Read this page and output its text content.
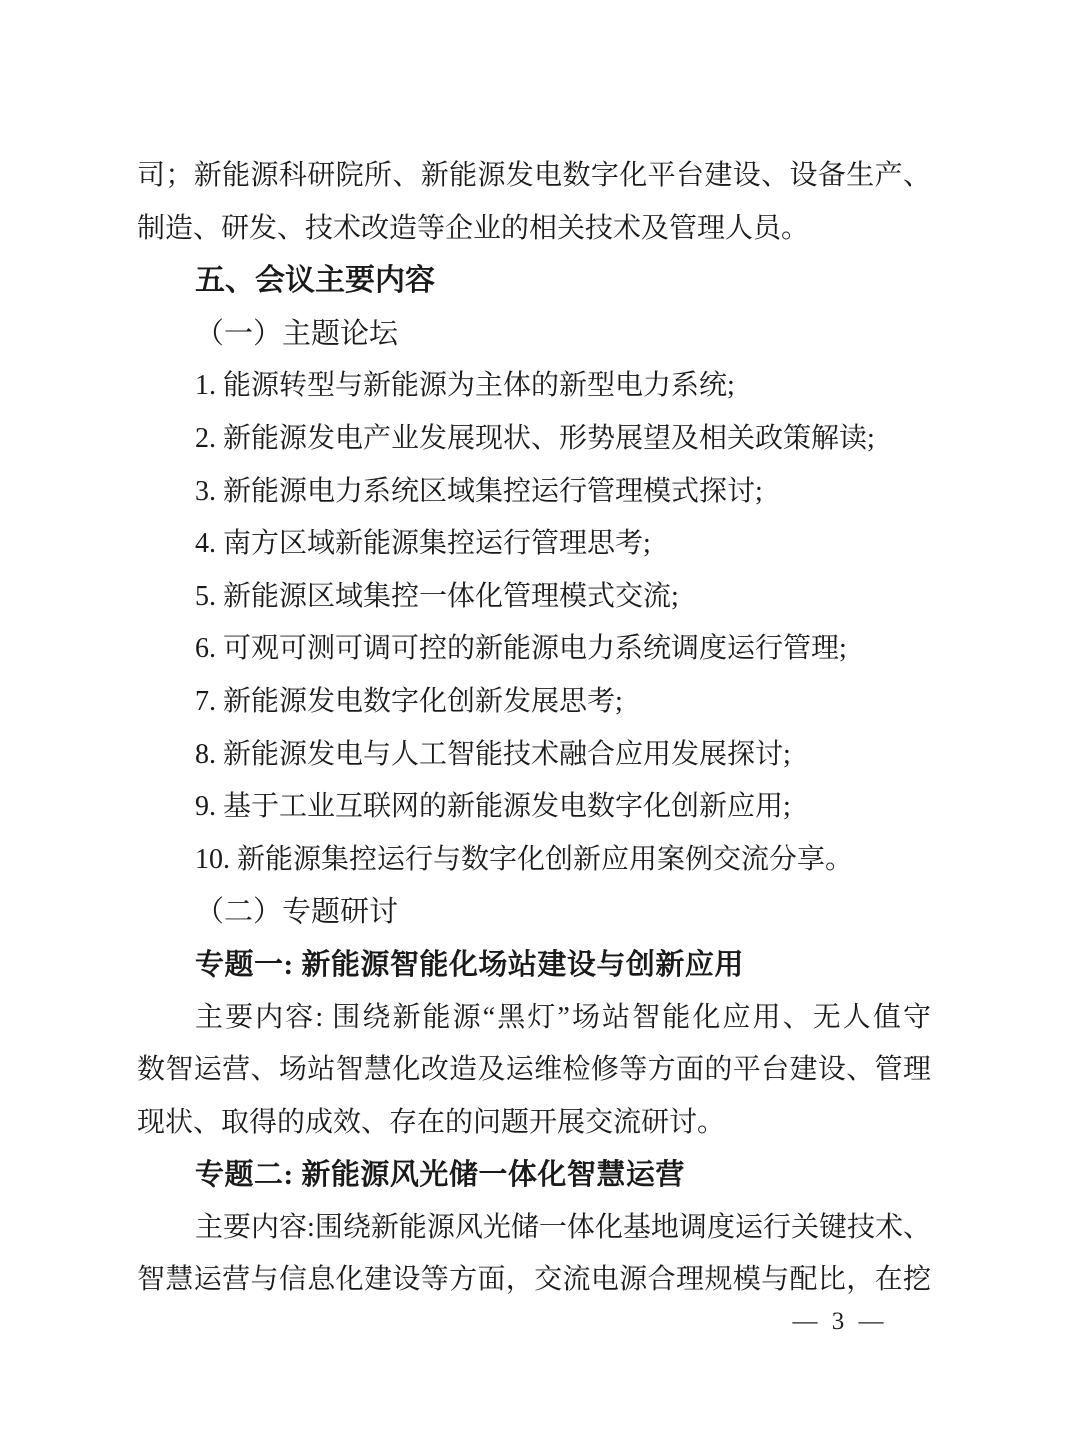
司；新能源科研院所、新能源发电数字化平台建设、设备生产、

制造、研发、技术改造等企业的相关技术及管理人员。

五、会议主要内容
（一）主题论坛

1. 能源转型与新能源为主体的新型电力系统;

2. 新能源发电产业发展现状、形势展望及相关政策解读;

3. 新能源电力系统区域集控运行管理模式探讨;

4. 南方区域新能源集控运行管理思考;

5. 新能源区域集控一体化管理模式交流;

6. 可观可测可调可控的新能源电力系统调度运行管理;

7. 新能源发电数字化创新发展思考;

8. 新能源发电与人工智能技术融合应用发展探讨;

9. 基于工业互联网的新能源发电数字化创新应用;

10. 新能源集控运行与数字化创新应用案例交流分享。

（二）专题研讨
专题一: 新能源智能化场站建设与创新应用

主要内容: 围绕新能源“黑灯”场站智能化应用、无人值守

数智运营、场站智慧化改造及运维检修等方面的平台建设、管理

现状、取得的成效、存在的问题开展交流研讨。

专题二: 新能源风光储一体化智慧运营

主要内容:围绕新能源风光储一体化基地调度运行关键技术、

智慧运营与信息化建设等方面，交流电源合理规模与配比，在挖

— 3 —
